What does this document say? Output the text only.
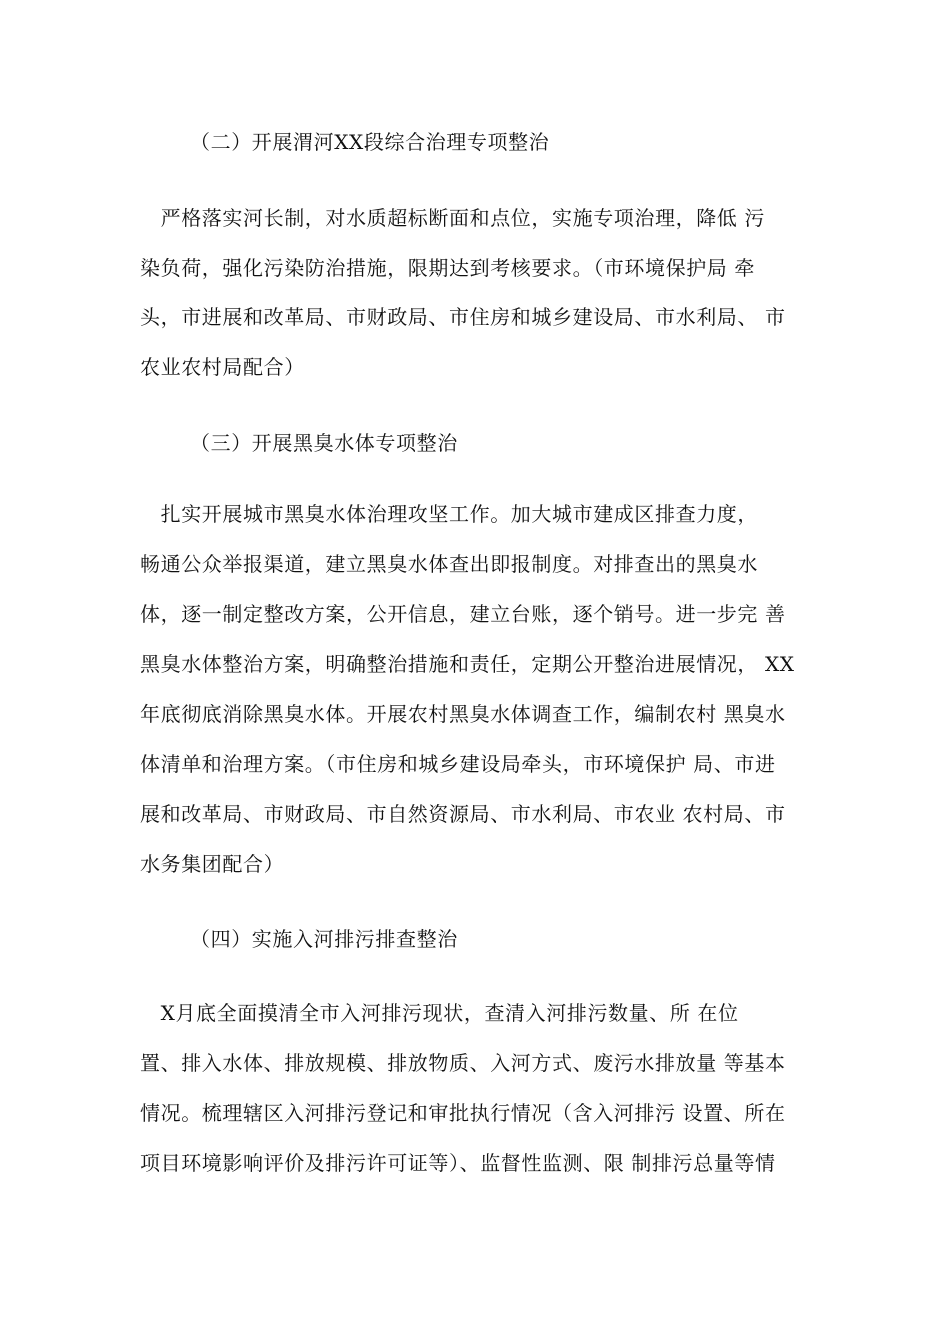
（二）开展渭河XX段综合治理专项整治
　严格落实河长制，对水质超标断面和点位，实施专项治理，降低 污
染负荷，强化污染防治措施，限期达到考核要求。（市环境保护局 牵
头，市进展和改革局、市财政局、市住房和城乡建设局、市水利局、 市
农业农村局配合）
（三）开展黑臭水体专项整治
　扎实开展城市黑臭水体治理攻坚工作。加大城市建成区排查力度，
畅通公众举报渠道，建立黑臭水体查出即报制度。对排查出的黑臭水
体，逐一制定整改方案，公开信息，建立台账，逐个销号。进一步完 善
黑臭水体整治方案，明确整治措施和责任，定期公开整治进展情况， XX
年底彻底消除黑臭水体。开展农村黑臭水体调查工作，编制农村 黑臭水
体清单和治理方案。（市住房和城乡建设局牵头，市环境保护 局、市进
展和改革局、市财政局、市自然资源局、市水利局、市农业 农村局、市
水务集团配合）
（四）实施入河排污排查整治
　X月底全面摸清全市入河排污现状，查清入河排污数量、所 在位
置、排入水体、排放规模、排放物质、入河方式、废污水排放量 等基本
情况。梳理辖区入河排污登记和审批执行情况（含入河排污 设置、所在
项目环境影响评价及排污许可证等）、监督性监测、限 制排污总量等情
